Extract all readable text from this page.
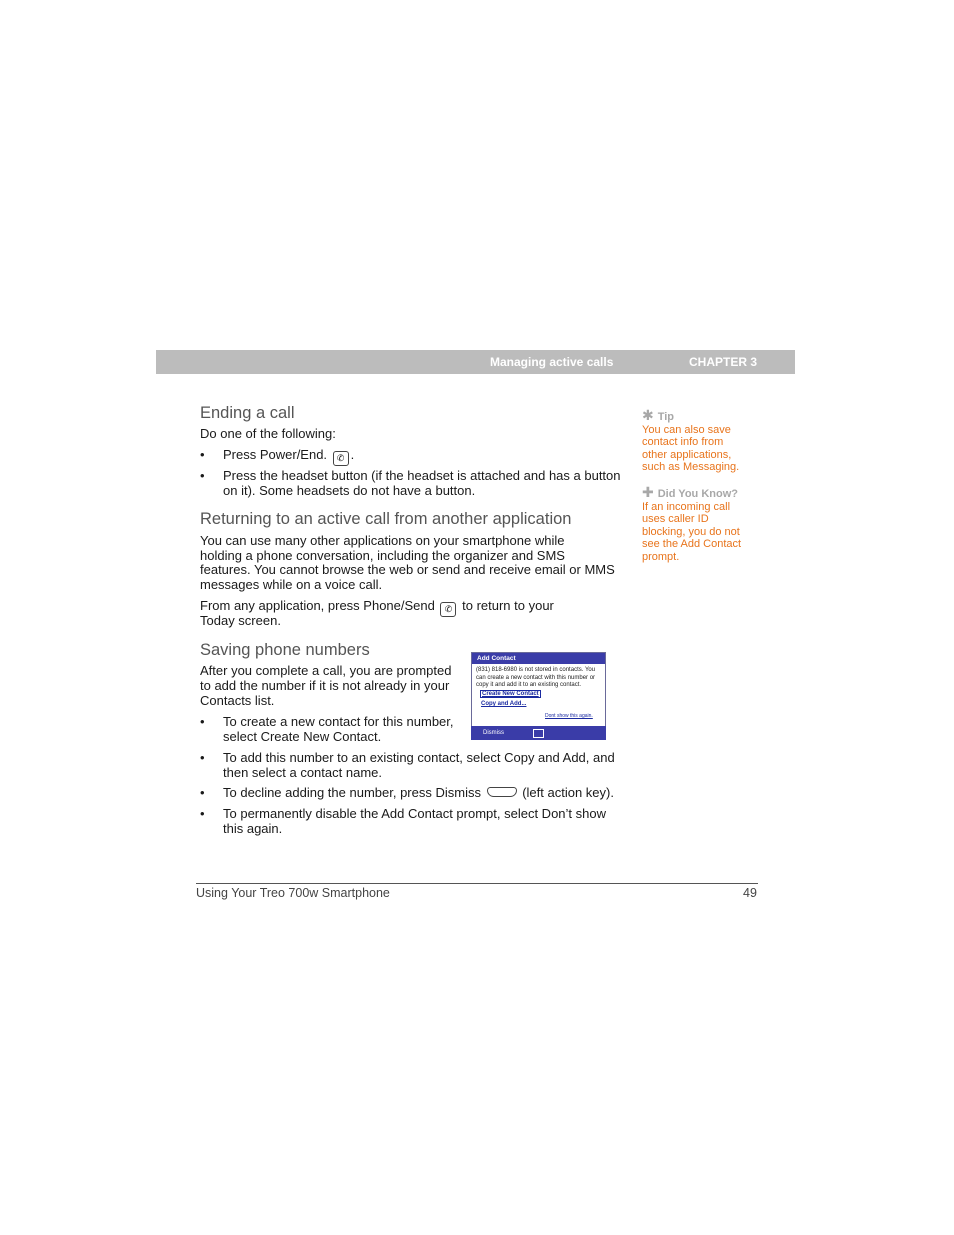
Managing active calls	CHAPTER 3
Ending a call

Do one of the following:

• Press Power/End. ✆ .
• Press the headset button (if the headset is attached and has a button
on it). Some headsets do not have a button.
Returning to an active call from another application

You can use many other applications on your smartphone while

holding a phone conversation, including the organizer and SMS

features. You cannot browse the web or send and receive email or MMS

messages while on a voice call.

From any application, press Phone/Send ✆ to return to your

Today screen.

Saving phone numbers

After you complete a call, you are prompted

to add the number if it is not already in your

Contacts list.

• To create a new contact for this number,
select Create New Contact.
• To add this number to an existing contact, select Copy and Add, and
then select a contact name.
• To decline adding the number, press Dismiss	(left action key).
• To permanently disable the Add Contact prompt, select Don’t show
this again.
Add Contact
(831) 818-6980 is not stored in contacts. You can create a new contact with this number or copy it and add it to an existing contact.
Create New Contact
Copy and Add...
Dont show this again.
Dismiss
✱ Tip
You can also save
contact info from
other applications,
such as Messaging.
✚ Did You Know?
If an incoming call
uses caller ID
blocking, you do not
see the Add Contact
prompt.
Using Your Treo 700w Smartphone	49
